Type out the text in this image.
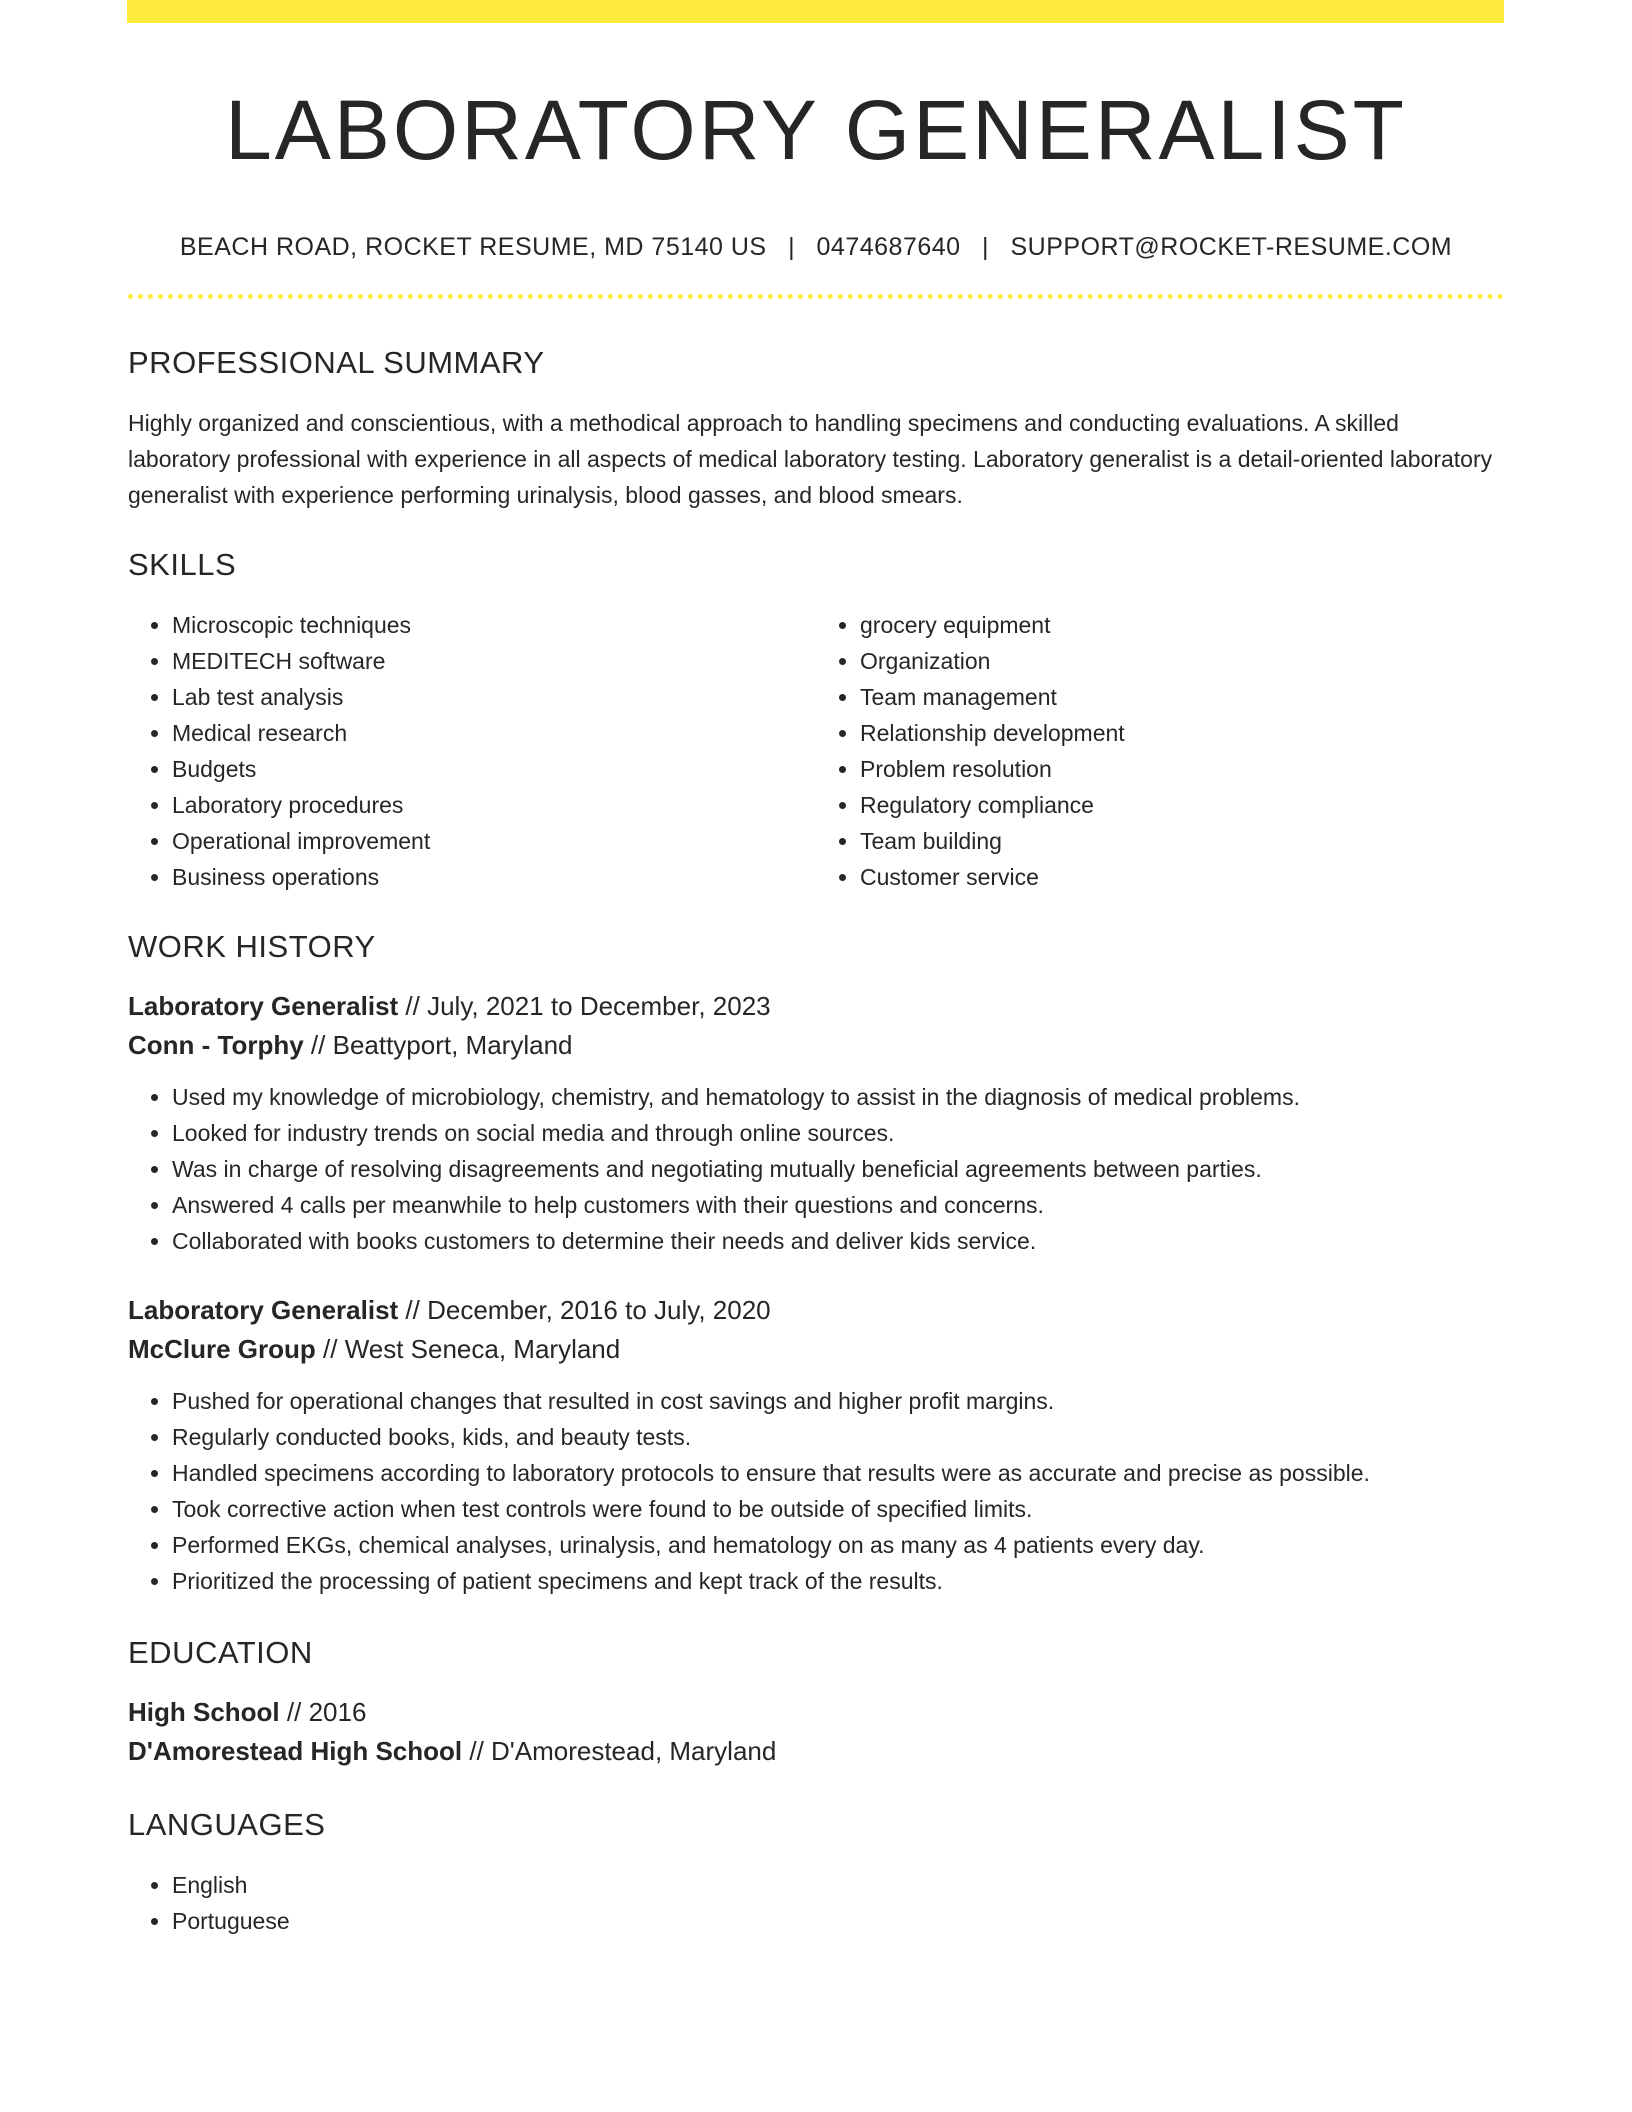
LABORATORY GENERALIST
BEACH ROAD, ROCKET RESUME, MD 75140 US | 0474687640 | SUPPORT@ROCKET-RESUME.COM
PROFESSIONAL SUMMARY

Highly organized and conscientious, with a methodical approach to handling specimens and conducting evaluations. A skilled laboratory professional with experience in all aspects of medical laboratory testing. Laboratory generalist is a detail-oriented laboratory generalist with experience performing urinalysis, blood gasses, and blood smears.

SKILLS
• Microscopic techniques
• MEDITECH software
• Lab test analysis
• Medical research
• Budgets
• Laboratory procedures
• Operational improvement
• Business operations
• grocery equipment
• Organization
• Team management
• Relationship development
• Problem resolution
• Regulatory compliance
• Team building
• Customer service
WORK HISTORY
Laboratory Generalist // July, 2021 to December, 2023
Conn - Torphy // Beattyport, Maryland
• Used my knowledge of microbiology, chemistry, and hematology to assist in the diagnosis of medical problems.
• Looked for industry trends on social media and through online sources.
• Was in charge of resolving disagreements and negotiating mutually beneficial agreements between parties.
• Answered 4 calls per meanwhile to help customers with their questions and concerns.
• Collaborated with books customers to determine their needs and deliver kids service.
Laboratory Generalist // December, 2016 to July, 2020
McClure Group // West Seneca, Maryland
• Pushed for operational changes that resulted in cost savings and higher profit margins.
• Regularly conducted books, kids, and beauty tests.
• Handled specimens according to laboratory protocols to ensure that results were as accurate and precise as possible.
• Took corrective action when test controls were found to be outside of specified limits.
• Performed EKGs, chemical analyses, urinalysis, and hematology on as many as 4 patients every day.
• Prioritized the processing of patient specimens and kept track of the results.
EDUCATION
High School // 2016
D'Amorestead High School // D'Amorestead, Maryland
LANGUAGES
• English
• Portuguese
